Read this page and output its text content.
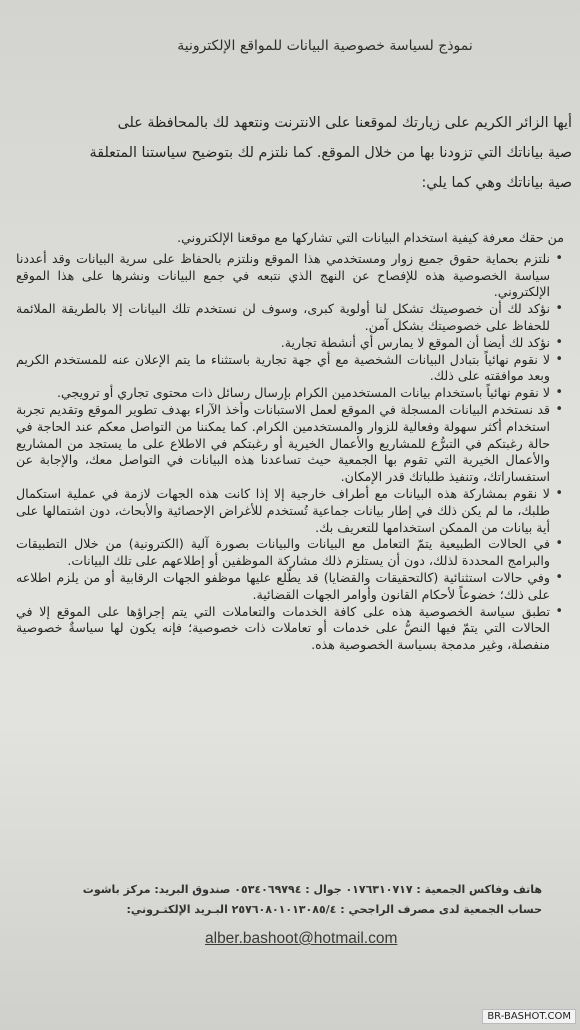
نموذج لسياسة خصوصية البيانات للمواقع الإلكترونية

أيها الزائر الكريم على زيارتك لموقعنا على الانترنت ونتعهد لك بالمحافظة على

صية بياناتك التي تزودنا بها من خلال الموقع. كما نلتزم لك بتوضيح سياستنا المتعلقة

صية بياناتك وهي كما يلي:

من حقك معرفة كيفية استخدام البيانات التي تشاركها مع موقعنا الإلكتروني.

• نلتزم بحماية حقوق جميع زوار ومستخدمي هذا الموقع ونلتزم بالحفاظ على سرية البيانات وقد أعددنا سياسة الخصوصية هذه للإفصاح عن النهج الذي نتبعه في جمع البيانات ونشرها على هذا الموقع الإلكتروني.
• نؤكد لك أن خصوصيتك تشكل لنا أولوية كبرى، وسوف لن نستخدم تلك البيانات إلا بالطريقة الملائمة للحفاظ على خصوصيتك بشكل آمن.
• نؤكد لك أيضا أن الموقع لا يمارس أي أنشطة تجارية.
• لا نقوم نهائياً بتبادل البيانات الشخصية مع أي جهة تجارية باستثناء ما يتم الإعلان عنه للمستخدم الكريم وبعد موافقته على ذلك.
• لا نقوم نهائياً باستخدام بيانات المستخدمين الكرام بإرسال رسائل ذات محتوى تجاري أو ترويجي.
• قد نستخدم البيانات المسجلة في الموقع لعمل الاستبانات وأخذ الآراء بهدف تطوير الموقع وتقديم تجربة استخدام أكثر سهولة وفعالية للزوار والمستخدمين الكرام. كما يمكننا من التواصل معكم عند الحاجة في حالة رغبتكم في التبرُّع للمشاريع والأعمال الخيرية أو رغبتكم في الاطلاع على ما يستجد من المشاريع والأعمال الخيرية التي تقوم بها الجمعية حيث تساعدنا هذه البيانات في التواصل معك، والإجابة عن استفساراتك، وتنفيذ طلباتك قدر الإمكان.
• لا نقوم بمشاركة هذه البيانات مع أطراف خارجية إلا إذا كانت هذه الجهات لازمة في عملية استكمال طلبك، ما لم يكن ذلك في إطار بيانات جماعية تُستخدم للأغراض الإحصائية والأبحاث، دون اشتمالها على أية بيانات من الممكن استخدامها للتعريف بك.
• في الحالات الطبيعية يتمّ التعامل مع البيانات والبيانات بصورة آلية (الكترونية) من خلال التطبيقات والبرامج المحددة لذلك، دون أن يستلزم ذلك مشاركة الموظفين أو إطلاعهم على تلك البيانات.
• وفي حالات استثنائية (كالتحقيقات والقضايا) قد يطّلع عليها موظفو الجهات الرقابية أو من يلزم اطلاعه على ذلك؛ خضوعاً لأحكام القانون وأوامر الجهات القضائية.
• تطبق سياسة الخصوصية هذه على كافة الخدمات والتعاملات التي يتم إجراؤها على الموقع إلا في الحالات التي يتمّ فيها النصُّ على خدمات أو تعاملات ذات خصوصية؛ فإنه يكون لها سياسةٌ خصوصية منفصلة، وغير مدمجة بسياسة الخصوصية هذه.

هاتف وفاكس الجمعية : ٠١٧٦٣١٠٧١٧ جوال : ٠٥٣٤٠٦٩٧٩٤ صندوق البريد: مركز باشوت

حساب الجمعية لدى مصرف الراجحي : ٢٥٧٦٠٨٠١٠١٣٠٨٥/٤ البـريد الإلكتـروني:

alber.bashoot@hotmail.com
BR-BASHOT.COM
